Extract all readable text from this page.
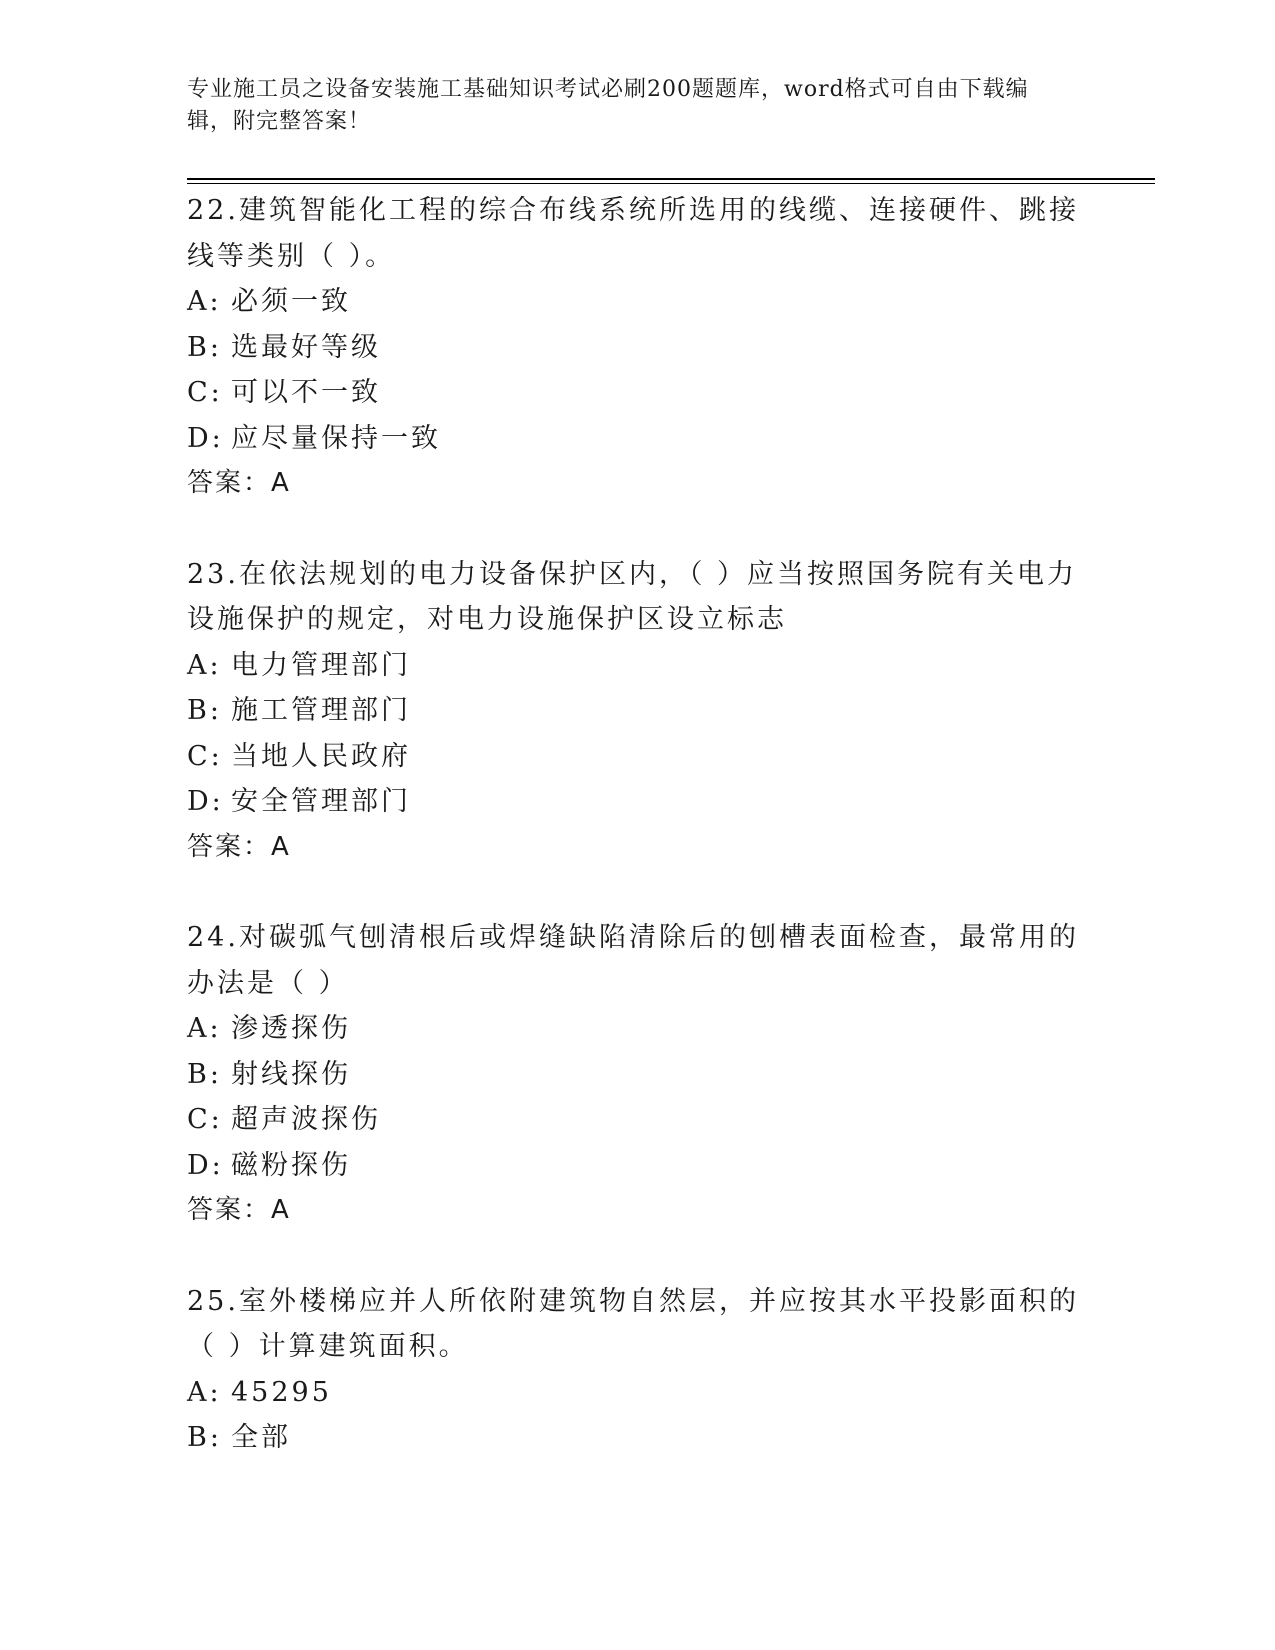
专业施工员之设备安装施工基础知识考试必刷200题题库，word格式可自由下载编辑，附完整答案！
22.建筑智能化工程的综合布线系统所选用的线缆、连接硬件、跳接线等类别（ ）。
A: 必须一致
B: 选最好等级
C: 可以不一致
D: 应尽量保持一致
答案：A
23.在依法规划的电力设备保护区内，（ ）应当按照国务院有关电力设施保护的规定，对电力设施保护区设立标志
A: 电力管理部门
B: 施工管理部门
C: 当地人民政府
D: 安全管理部门
答案：A
24.对碳弧气刨清根后或焊缝缺陷清除后的刨槽表面检查，最常用的办法是（ ）
A: 渗透探伤
B: 射线探伤
C: 超声波探伤
D: 磁粉探伤
答案：A
25.室外楼梯应并人所依附建筑物自然层，并应按其水平投影面积的（ ）计算建筑面积。
A: 45295
B: 全部
